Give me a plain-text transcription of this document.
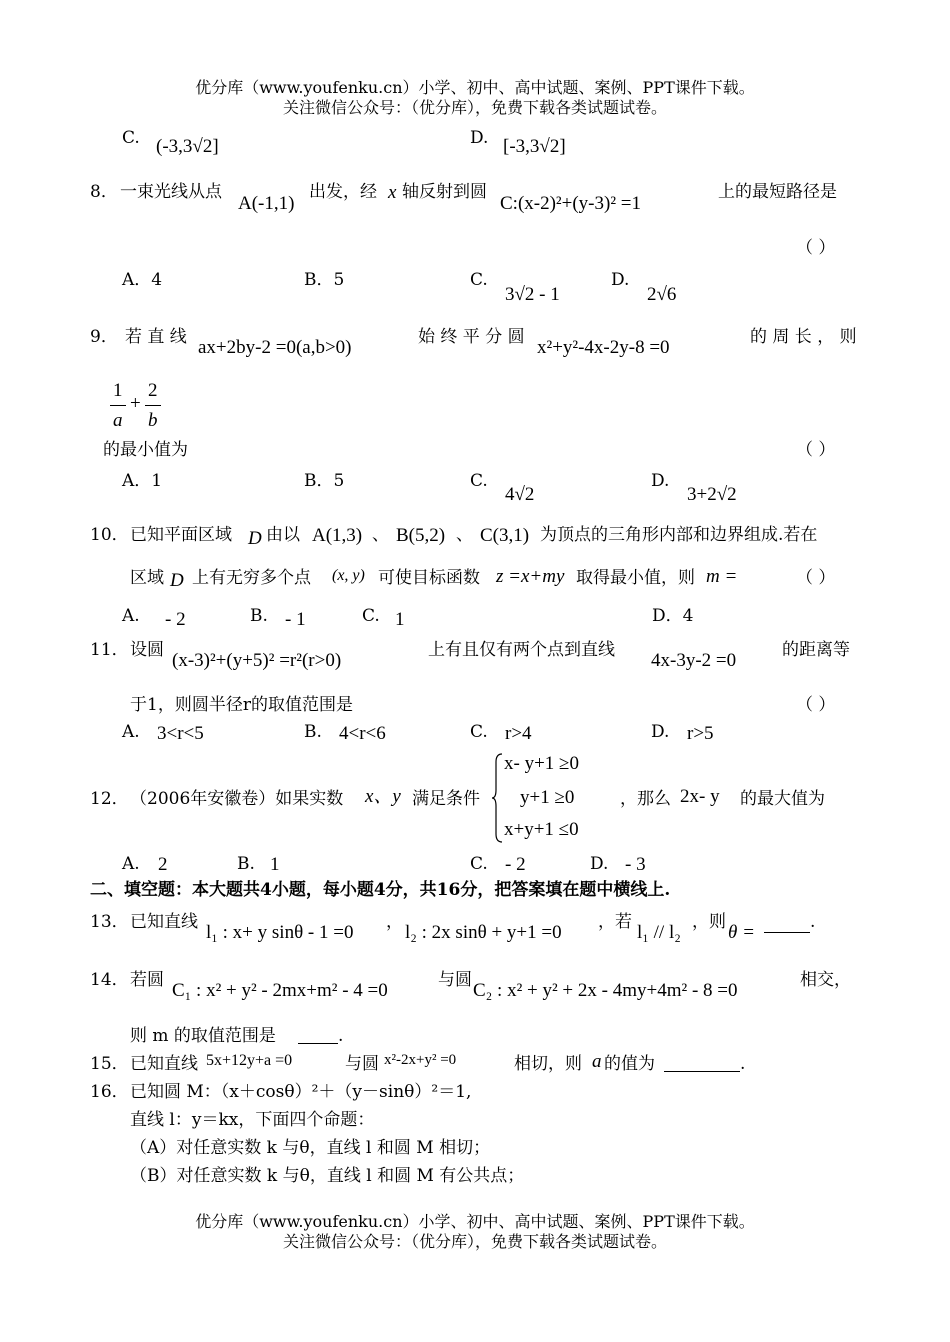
优分库（www.youfenku.cn）小学、初中、高中试题、案例、PPT课件下载。
关注微信公众号：（优分库），免费下载各类试题试卷。
C. (-3,3√2]	D. [-3,3√2]
8． 一束光线从点
A(-1,1)
出发，经 x 轴反射到圆
C:(x-2)²+(y-3)² =1
上的最短路径是
（ ）
A．4	B．5	C.
3√2 - 1
D.
2√6
9． 若 直 线 ax+2by-2 =0(a,b>0)	始 终 平 分 圆 x²+y²-4x-2y-8 =0	的 周 长 ， 则
1
a
+
2
b
的最小值为	（ ）
A．1	B．5	C.
4√2
D.
3+2√2
10． 已知平面区域 D 由以 A(1,3) 、 B(5,2) 、 C(3,1) 为顶点的三角形内部和边界组成.若在
区域 D 上有无穷多个点 (x, y) 可使目标函数 z =x+my 取得最小值，则 m =	（ ）
A. - 2	B. - 1	C. 1	D．4
11． 设圆 (x-3)²+(y+5)² =r²(r>0)	上有且仅有两个点到直线 4x-3y-2 =0	的距离等
于1，则圆半径r的取值范围是	（ ）
A. 3<r<5	B. 4<r<6	C. r>4	D. r>5
12． （2006年安徽卷）如果实数 x、y 满足条件
x- y+1 ≥0
y+1 ≥0
x+y+1 ≤0
，那么 2x- y 的最大值为
A. 2	B. 1	C. - 2	D. - 3
二、填空题：本大题共4小题，每小题4分，共16分，把答案填在题中横线上.
13． 已知直线 l₁ : x+ y sinθ - 1 =0 ， l₂ : 2x sinθ + y+1 =0 ，若 l₁ // l₂ ，则 θ =	.
14． 若圆 C₁ : x² + y² - 2mx+m² - 4 =0	与圆 C₂ : x² + y² + 2x - 4my+4m² - 8 =0	相交，
则 m 的取值范围是	.
15． 已知直线 5x+12y+a =0	与圆 x²-2x+y² =0	相切，则 a 的值为	.
16． 已知圆 M：（x＋cosθ）²＋（y－sinθ）²＝1,
直线 l：y＝kx，下面四个命题：
（A）对任意实数 k 与θ，直线 l 和圆 M 相切；
（B）对任意实数 k 与θ，直线 l 和圆 M 有公共点；
优分库（www.youfenku.cn）小学、初中、高中试题、案例、PPT课件下载。
关注微信公众号：（优分库），免费下载各类试题试卷。
